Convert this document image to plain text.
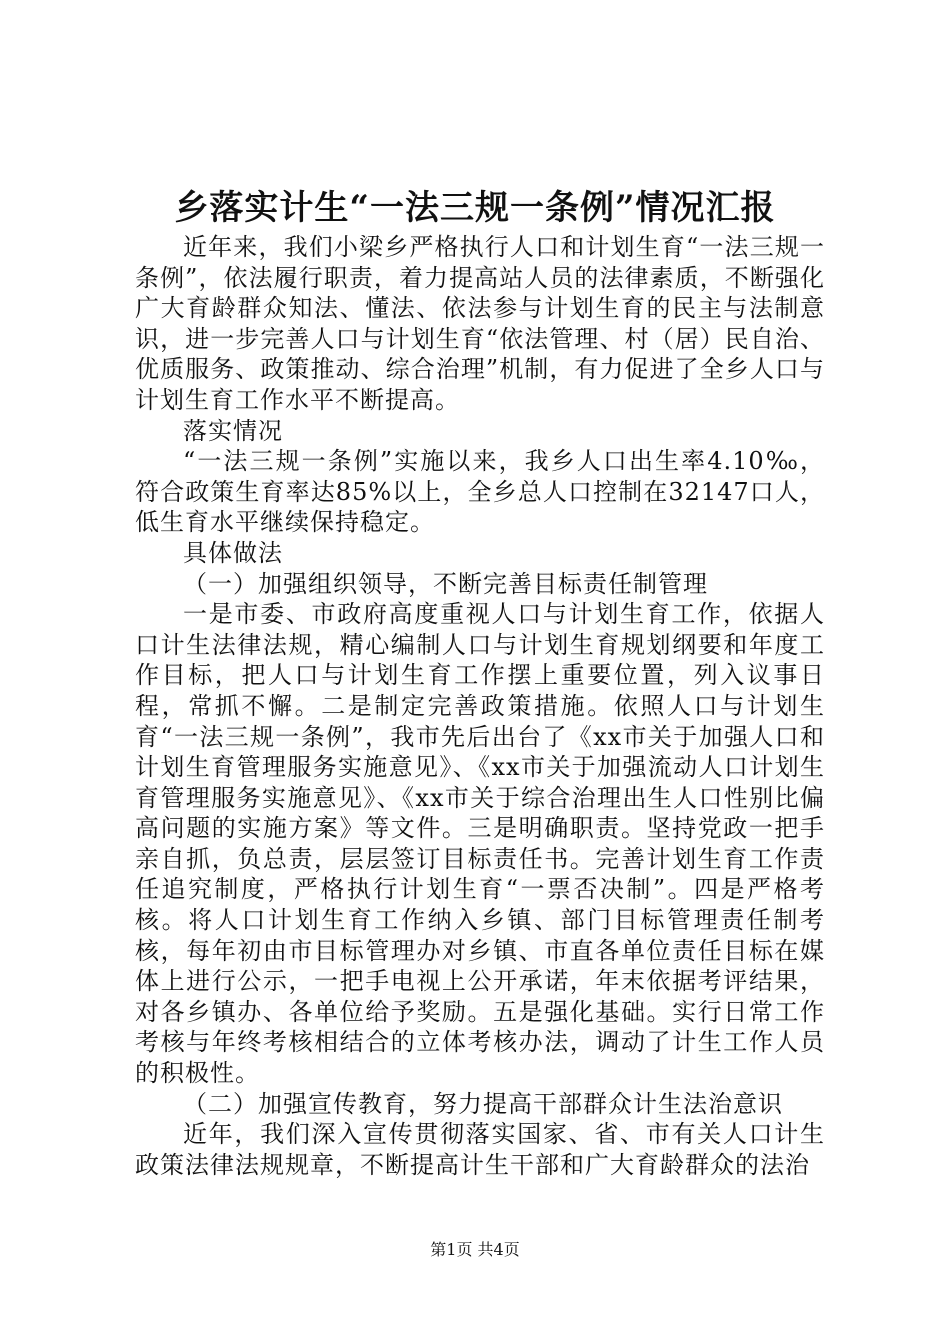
乡落实计生“一法三规一条例”情况汇报

近年来，我们小梁乡严格执行人口和计划生育“一法三规一条例”，依法履行职责，着力提高站人员的法律素质，不断强化广大育龄群众知法、懂法、依法参与计划生育的民主与法制意识，进一步完善人口与计划生育“依法管理、村（居）民自治、优质服务、政策推动、综合治理”机制，有力促进了全乡人口与计划生育工作水平不断提高。

落实情况

“一法三规一条例”实施以来，我乡人口出生率4.10‰，符合政策生育率达85%以上，全乡总人口控制在32147口人，低生育水平继续保持稳定。

具体做法

（一）加强组织领导，不断完善目标责任制管理

一是市委、市政府高度重视人口与计划生育工作，依据人口计生法律法规，精心编制人口与计划生育规划纲要和年度工作目标，把人口与计划生育工作摆上重要位置，列入议事日程，常抓不懈。二是制定完善政策措施。依照人口与计划生育“一法三规一条例”，我市先后出台了《xx市关于加强人口和计划生育管理服务实施意见》、《xx市关于加强流动人口计划生育管理服务实施意见》、《xx市关于综合治理出生人口性别比偏高问题的实施方案》等文件。三是明确职责。坚持党政一把手亲自抓，负总责，层层签订目标责任书。完善计划生育工作责任追究制度，严格执行计划生育“一票否决制”。四是严格考核。将人口计划生育工作纳入乡镇、部门目标管理责任制考核，每年初由市目标管理办对乡镇、市直各单位责任目标在媒体上进行公示，一把手电视上公开承诺，年末依据考评结果，对各乡镇办、各单位给予奖励。五是强化基础。实行日常工作考核与年终考核相结合的立体考核办法，调动了计生工作人员的积极性。

（二）加强宣传教育，努力提高干部群众计生法治意识

近年，我们深入宣传贯彻落实国家、省、市有关人口计生政策法律法规规章，不断提高计生干部和广大育龄群众的法治

第1页 共4页
